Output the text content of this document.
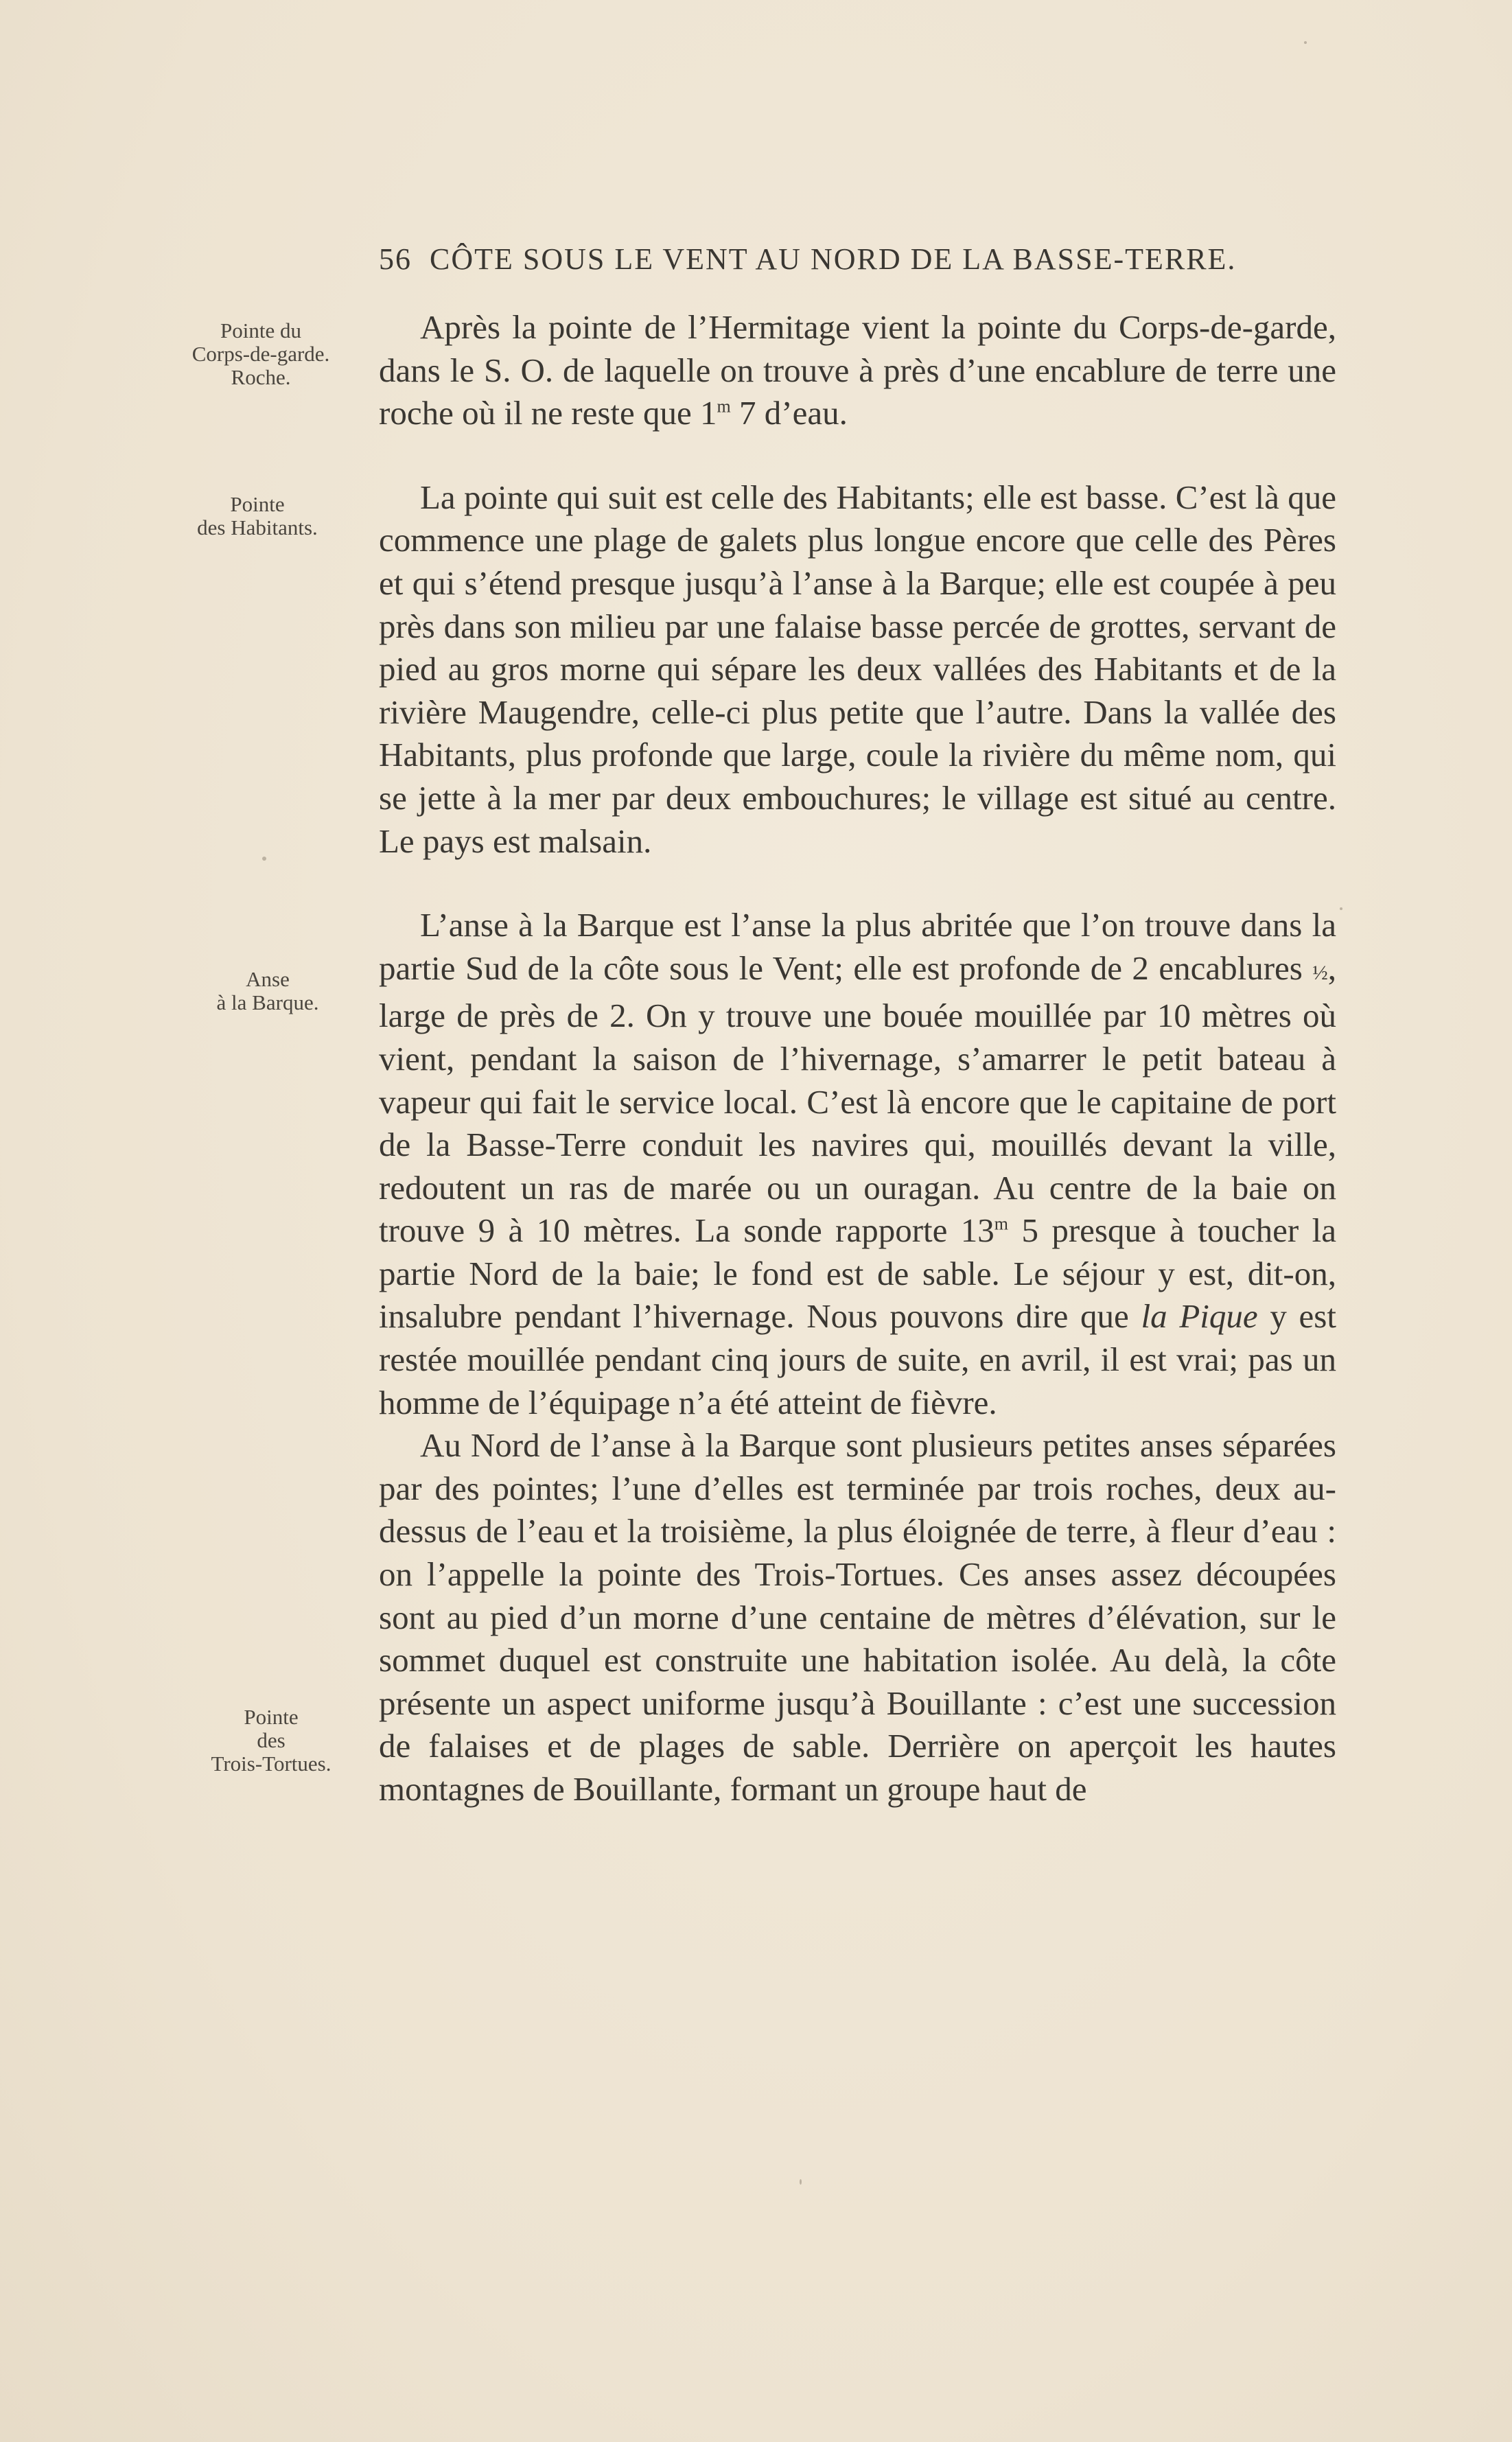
56 CÔTE SOUS LE VENT AU NORD DE LA BASSE-TERRE.
Pointe du
Corps-de-garde.
Roche.
Pointe
des Habitants.
Anse
à la Barque.
Pointe
des
Trois-Tortues.

Après la pointe de l’Hermitage vient la pointe du Corps-de-garde, dans le S. O. de laquelle on trouve à près d’une encablure de terre une roche où il ne reste que 1$^m$ 7 d’eau.

La pointe qui suit est celle des Habitants; elle est basse. C’est là que commence une plage de galets plus longue encore que celle des Pères et qui s’étend presque jusqu’à l’anse à la Barque; elle est coupée à peu près dans son milieu par une falaise basse percée de grottes, servant de pied au gros morne qui sépare les deux vallées des Habitants et de la rivière Maugendre, celle-ci plus petite que l’autre. Dans la vallée des Habitants, plus profonde que large, coule la rivière du même nom, qui se jette à la mer par deux embouchures; le village est situé au centre. Le pays est malsain.

L’anse à la Barque est l’anse la plus abritée que l’on trouve dans la partie Sud de la côte sous le Vent; elle est profonde de 2 encablures ½, large de près de 2. On y trouve une bouée mouillée par 10 mètres où vient, pendant la saison de l’hivernage, s’amarrer le petit bateau à vapeur qui fait le service local. C’est là encore que le capitaine de port de la Basse-Terre conduit les navires qui, mouillés devant la ville, redoutent un ras de marée ou un ouragan. Au centre de la baie on trouve 9 à 10 mètres. La sonde rapporte 13$^m$ 5 presque à toucher la partie Nord de la baie; le fond est de sable. Le séjour y est, dit-on, insalubre pendant l’hivernage. Nous pouvons dire que la Pique y est restée mouillée pendant cinq jours de suite, en avril, il est vrai; pas un homme de l’équipage n’a été atteint de fièvre.

Au Nord de l’anse à la Barque sont plusieurs petites anses séparées par des pointes; l’une d’elles est terminée par trois roches, deux au-dessus de l’eau et la troisième, la plus éloignée de terre, à fleur d’eau : on l’appelle la pointe des Trois-Tortues. Ces anses assez découpées sont au pied d’un morne d’une centaine de mètres d’élévation, sur le sommet duquel est construite une habitation isolée. Au delà, la côte présente un aspect uniforme jusqu’à Bouillante : c’est une succession de falaises et de plages de sable. Derrière on aperçoit les hautes montagnes de Bouillante, formant un groupe haut de
